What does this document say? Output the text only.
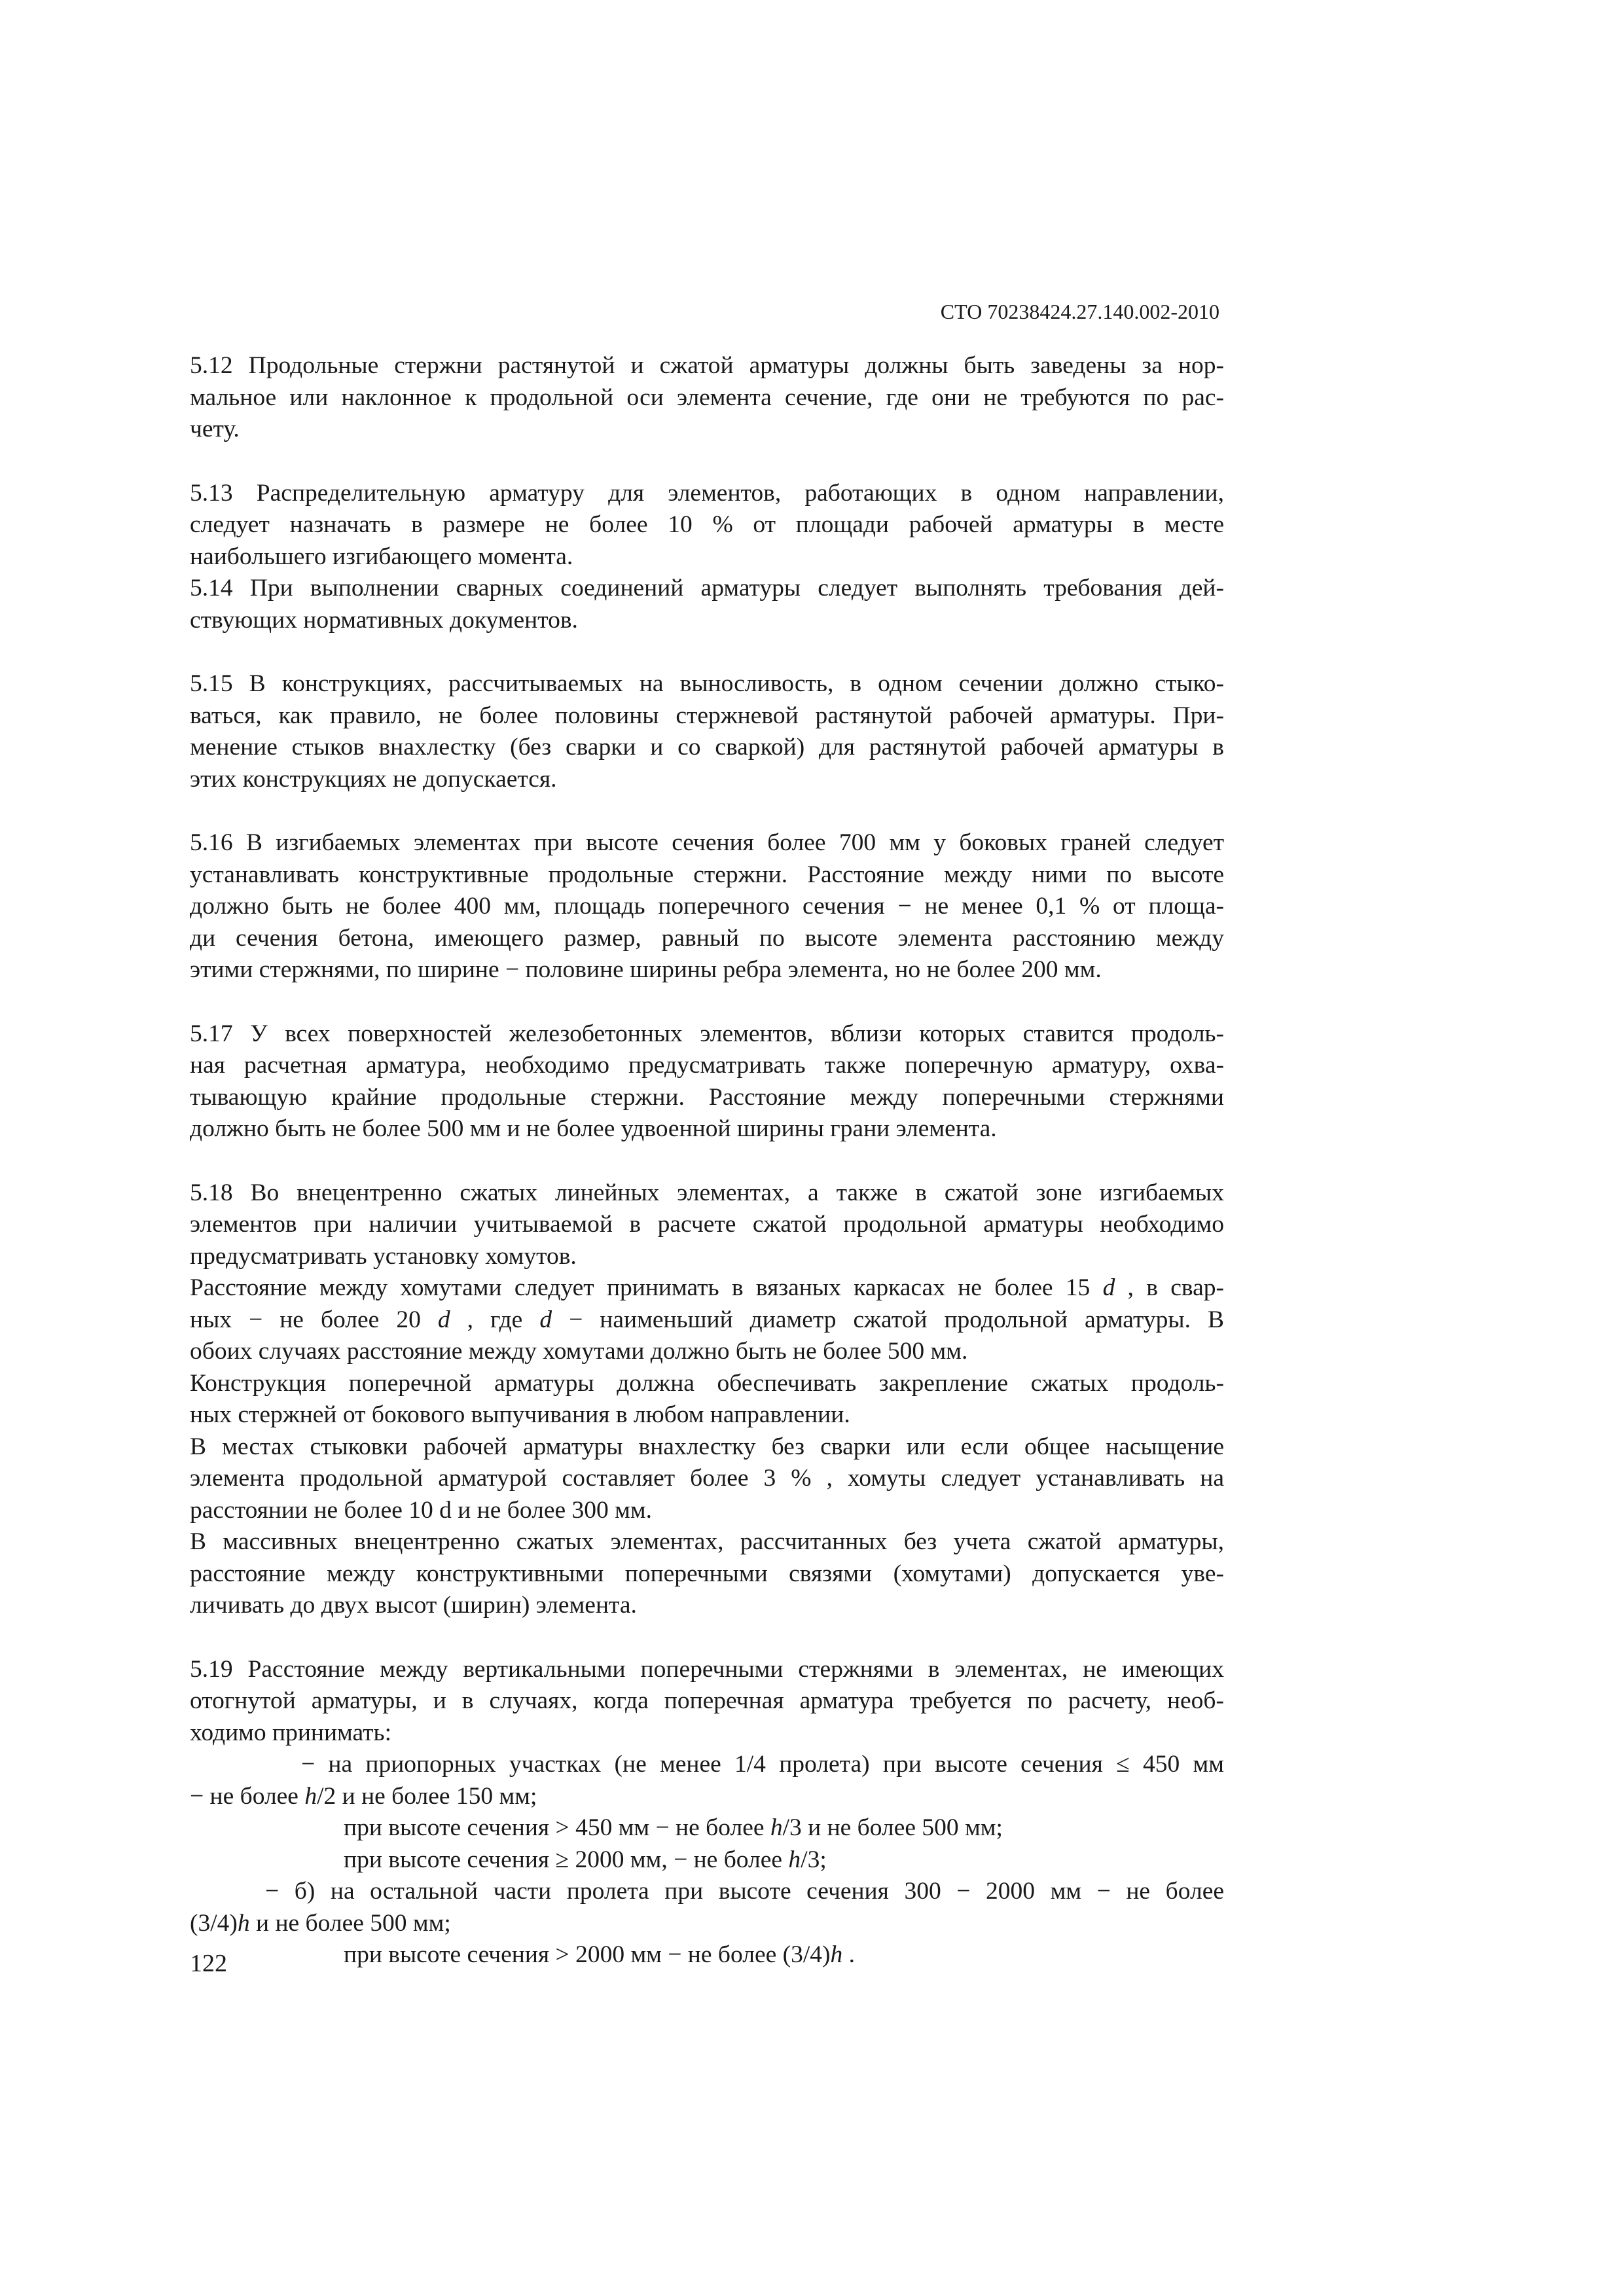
СТО 70238424.27.140.002-2010

5.12 Продольные стержни растянутой и сжатой арматуры должны быть заведены за нор-
мальное или наклонное к продольной оси элемента сечение, где они не требуются по рас-
чету.

5.13 Распределительную арматуру для элементов, работающих в одном направлении,
следует назначать в размере не более 10 % от площади рабочей арматуры в месте
наибольшего изгибающего момента.

5.14 При выполнении сварных соединений арматуры следует выполнять требования дей-
ствующих нормативных документов.

5.15 В конструкциях, рассчитываемых на выносливость, в одном сечении должно стыко-
ваться, как правило, не более половины стержневой растянутой рабочей арматуры. При-
менение стыков внахлестку (без сварки и со сваркой) для растянутой рабочей арматуры в
этих конструкциях не допускается.

5.16 В изгибаемых элементах при высоте сечения более 700 мм у боковых граней следует
устанавливать конструктивные продольные стержни. Расстояние между ними по высоте
должно быть не более 400 мм, площадь поперечного сечения − не менее 0,1 % от площа-
ди сечения бетона, имеющего размер, равный по высоте элемента расстоянию между
этими стержнями, по ширине − половине ширины ребра элемента, но не более 200 мм.

5.17 У всех поверхностей железобетонных элементов, вблизи которых ставится продоль-
ная расчетная арматура, необходимо предусматривать также поперечную арматуру, охва-
тывающую крайние продольные стержни. Расстояние между поперечными стержнями
должно быть не более 500 мм и не более удвоенной ширины грани элемента.

5.18 Во внецентренно сжатых линейных элементах, а также в сжатой зоне изгибаемых
элементов при наличии учитываемой в расчете сжатой продольной арматуры необходимо
предусматривать установку хомутов.
Расстояние между хомутами следует принимать в вязаных каркасах не более 15 d , в свар-
ных − не более 20 d , где d − наименьший диаметр сжатой продольной арматуры. В
обоих случаях расстояние между хомутами должно быть не более 500 мм.
Конструкция поперечной арматуры должна обеспечивать закрепление сжатых продоль-
ных стержней от бокового выпучивания в любом направлении.
В местах стыковки рабочей арматуры внахлестку без сварки или если общее насыщение
элемента продольной арматурой составляет более 3 % , хомуты следует устанавливать на
расстоянии не более 10 d и не более 300 мм.
В массивных внецентренно сжатых элементах, рассчитанных без учета сжатой арматуры,
расстояние между конструктивными поперечными связями (хомутами) допускается уве-
личивать до двух высот (ширин) элемента.

5.19 Расстояние между вертикальными поперечными стержнями в элементах, не имеющих
отогнутой арматуры, и в случаях, когда поперечная арматура требуется по расчету, необ-
ходимо принимать:
− на приопорных участках (не менее 1/4 пролета) при высоте сечения ≤ 450 мм
− не более h/2 и не более 150 мм;
при высоте сечения > 450 мм − не более h/3 и не более 500 мм;
при высоте сечения ≥ 2000 мм, − не более h/3;
− б) на остальной части пролета при высоте сечения 300 − 2000 мм − не более
(3/4)h и не более 500 мм;
при высоте сечения > 2000 мм − не более (3/4)h .

122
